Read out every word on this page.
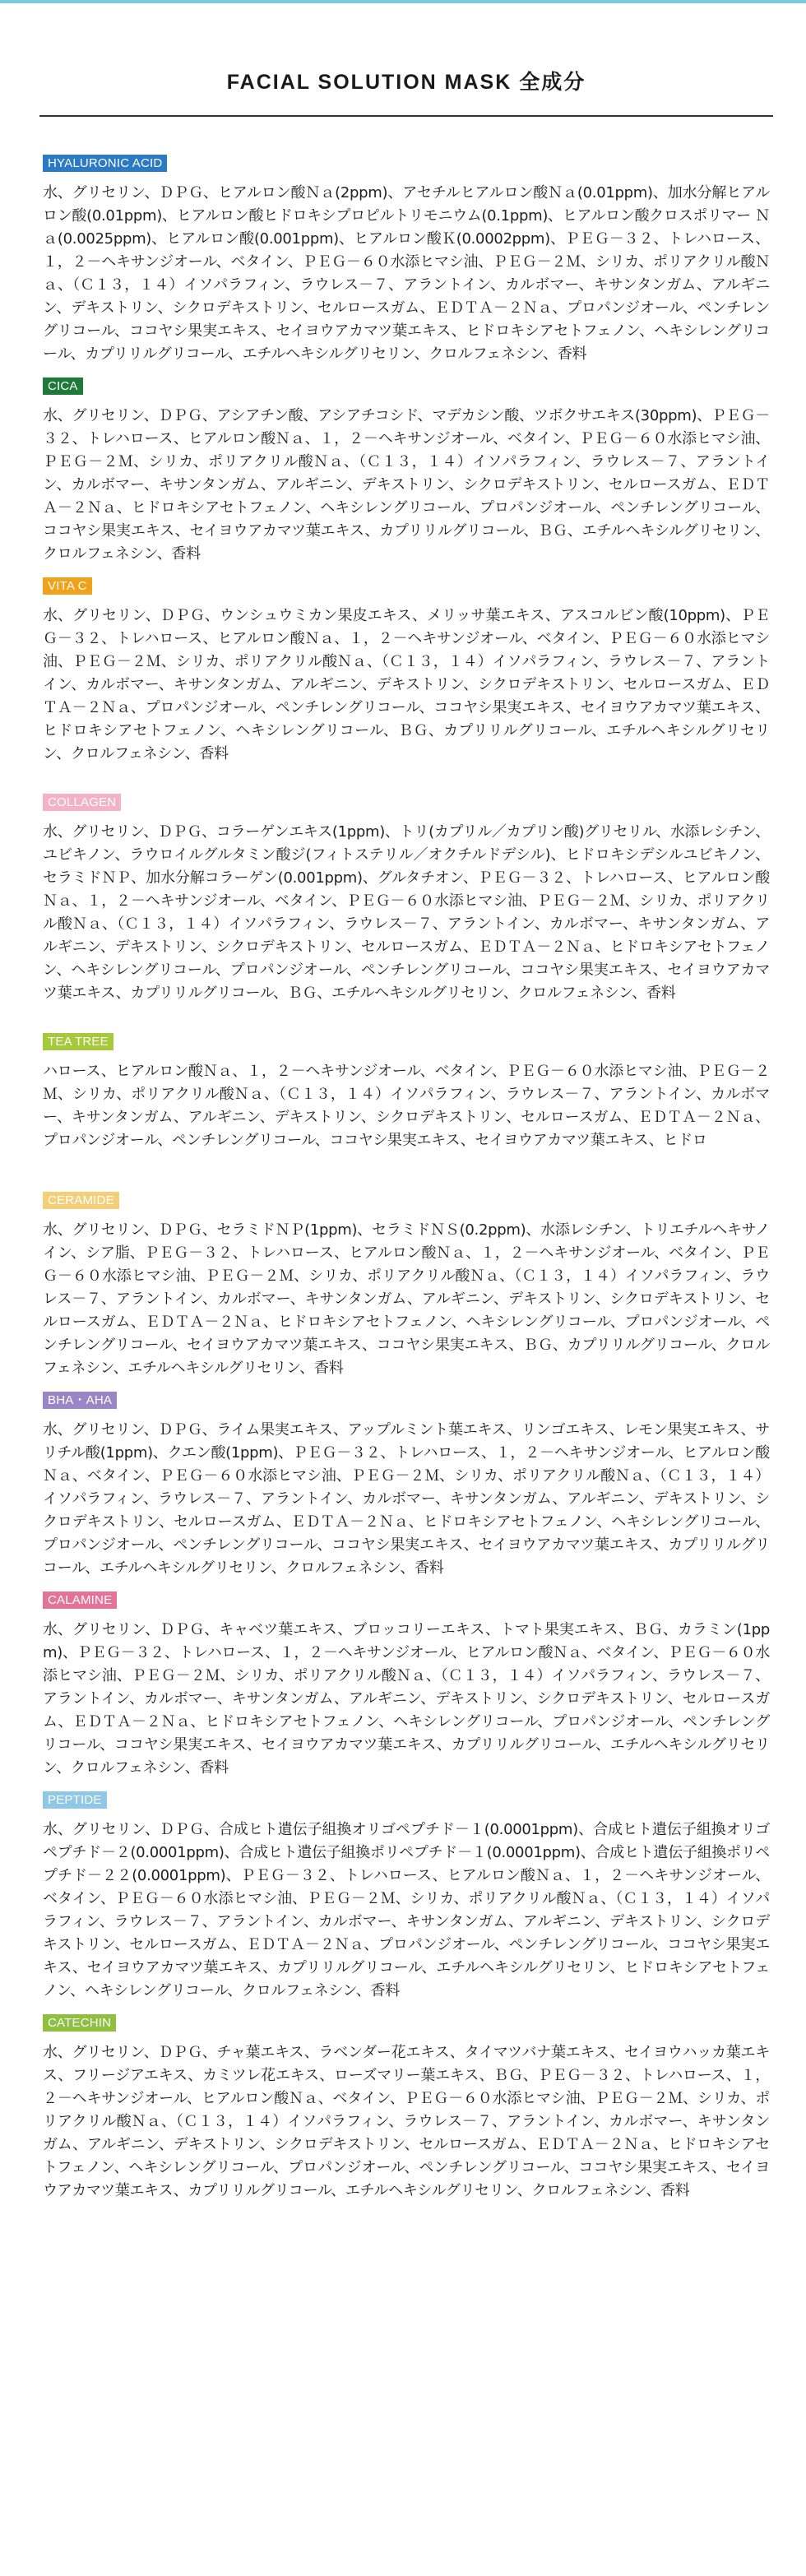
FACIAL SOLUTION MASK 全成分
HYALURONIC ACID

水、グリセリン、ＤＰＧ、ヒアルロン酸Ｎａ(2ppm)、アセチルヒアルロン酸Ｎａ(0.01ppm)、加水分解ヒアルロン酸(0.01ppm)、ヒアルロン酸ヒドロキシプロピルトリモニウム(0.1ppm)、ヒアルロン酸クロスポリマー Ｎａ(0.0025ppm)、ヒアルロン酸(0.001ppm)、ヒアルロン酸Ｋ(0.0002ppm)、ＰＥＧ－３２、トレハロース、１，２－ヘキサンジオール、ベタイン、ＰＥＧ－６０水添ヒマシ油、ＰＥＧ－２Ｍ、シリカ、ポリアクリル酸Ｎａ、（Ｃ１３，１４）イソパラフィン、ラウレス－７、アラントイン、カルボマー、キサンタンガム、アルギニン、デキストリン、シクロデキストリン、セルロースガム、ＥＤＴＡ－２Ｎａ、プロパンジオール、ペンチレングリコール、ココヤシ果実エキス、セイヨウアカマツ葉エキス、ヒドロキシアセトフェノン、ヘキシレングリコール、カプリリルグリコール、エチルヘキシルグリセリン、クロルフェネシン、香料

CICA

水、グリセリン、ＤＰＧ、アシアチン酸、アシアチコシド、マデカシン酸、ツボクサエキス(30ppm)、ＰＥＧ－３２、トレハロース、ヒアルロン酸Ｎａ、１，２－ヘキサンジオール、ベタイン、ＰＥＧ－６０水添ヒマシ油、ＰＥＧ－２Ｍ、シリカ、ポリアクリル酸Ｎａ、（Ｃ１３，１４）イソパラフィン、ラウレス－７、アラントイン、カルボマー、キサンタンガム、アルギニン、デキストリン、シクロデキストリン、セルロースガム、ＥＤＴＡ－２Ｎａ、ヒドロキシアセトフェノン、ヘキシレングリコール、プロパンジオール、ペンチレングリコール、ココヤシ果実エキス、セイヨウアカマツ葉エキス、カプリリルグリコール、ＢＧ、エチルヘキシルグリセリン、クロルフェネシン、香料

VITA C

水、グリセリン、ＤＰＧ、ウンシュウミカン果皮エキス、メリッサ葉エキス、アスコルビン酸(10ppm)、ＰＥＧ－３２、トレハロース、ヒアルロン酸Ｎａ、１，２－ヘキサンジオール、ベタイン、ＰＥＧ－６０水添ヒマシ油、ＰＥＧ－２Ｍ、シリカ、ポリアクリル酸Ｎａ、（Ｃ１３，１４）イソパラフィン、ラウレス－７、アラントイン、カルボマー、キサンタンガム、アルギニン、デキストリン、シクロデキストリン、セルロースガム、ＥＤＴＡ－２Ｎａ、プロパンジオール、ペンチレングリコール、ココヤシ果実エキス、セイヨウアカマツ葉エキス、ヒドロキシアセトフェノン、ヘキシレングリコール、ＢＧ、カプリリルグリコール、エチルヘキシルグリセリン、クロルフェネシン、香料

COLLAGEN

水、グリセリン、ＤＰＧ、コラーゲンエキス(1ppm)、トリ(カプリル／カプリン酸)グリセリル、水添レシチン、ユビキノン、ラウロイルグルタミン酸ジ(フィトステリル／オクチルドデシル)、ヒドロキシデシルユビキノン、セラミドＮＰ、加水分解コラーゲン(0.001ppm)、グルタチオン、ＰＥＧ－３２、トレハロース、ヒアルロン酸Ｎａ、１，２－ヘキサンジオール、ベタイン、ＰＥＧ－６０水添ヒマシ油、ＰＥＧ－２Ｍ、シリカ、ポリアクリル酸Ｎａ、（Ｃ１３，１４）イソパラフィン、ラウレス－７、アラントイン、カルボマー、キサンタンガム、アルギニン、デキストリン、シクロデキストリン、セルロースガム、ＥＤＴＡ－２Ｎａ、ヒドロキシアセトフェノン、ヘキシレングリコール、プロパンジオール、ペンチレングリコール、ココヤシ果実エキス、セイヨウアカマツ葉エキス、カプリリルグリコール、ＢＧ、エチルヘキシルグリセリン、クロルフェネシン、香料

TEA TREE

ハロース、ヒアルロン酸Ｎａ、１，２－ヘキサンジオール、ベタイン、ＰＥＧ－６０水添ヒマシ油、ＰＥＧ－２Ｍ、シリカ、ポリアクリル酸Ｎａ、（Ｃ１３，１４）イソパラフィン、ラウレス－７、アラントイン、カルボマー、キサンタンガム、アルギニン、デキストリン、シクロデキストリン、セルロースガム、ＥＤＴＡ－２Ｎａ、プロパンジオール、ペンチレングリコール、ココヤシ果実エキス、セイヨウアカマツ葉エキス、ヒドロ

CERAMIDE

水、グリセリン、ＤＰＧ、セラミドＮＰ(1ppm)、セラミドＮＳ(0.2ppm)、水添レシチン、トリエチルヘキサノイン、シア脂、ＰＥＧ－３２、トレハロース、ヒアルロン酸Ｎａ、１，２－ヘキサンジオール、ベタイン、ＰＥＧ－６０水添ヒマシ油、ＰＥＧ－２Ｍ、シリカ、ポリアクリル酸Ｎａ、（Ｃ１３，１４）イソパラフィン、ラウレス－７、アラントイン、カルボマー、キサンタンガム、アルギニン、デキストリン、シクロデキストリン、セルロースガム、ＥＤＴＡ－２Ｎａ、ヒドロキシアセトフェノン、ヘキシレングリコール、プロパンジオール、ペンチレングリコール、セイヨウアカマツ葉エキス、ココヤシ果実エキス、ＢＧ、カプリリルグリコール、クロルフェネシン、エチルヘキシルグリセリン、香料

BHA・AHA

水、グリセリン、ＤＰＧ、ライム果実エキス、アップルミント葉エキス、リンゴエキス、レモン果実エキス、サリチル酸(1ppm)、クエン酸(1ppm)、ＰＥＧ－３２、トレハロース、１，２－ヘキサンジオール、ヒアルロン酸Ｎａ、ベタイン、ＰＥＧ－６０水添ヒマシ油、ＰＥＧ－２Ｍ、シリカ、ポリアクリル酸Ｎａ、（Ｃ１３，１４）イソパラフィン、ラウレス－７、アラントイン、カルボマー、キサンタンガム、アルギニン、デキストリン、シクロデキストリン、セルロースガム、ＥＤＴＡ－２Ｎａ、ヒドロキシアセトフェノン、ヘキシレングリコール、プロパンジオール、ペンチレングリコール、ココヤシ果実エキス、セイヨウアカマツ葉エキス、カプリリルグリコール、エチルヘキシルグリセリン、クロルフェネシン、香料

CALAMINE

水、グリセリン、ＤＰＧ、キャベツ葉エキス、ブロッコリーエキス、トマト果実エキス、ＢＧ、カラミン(1ppm)、ＰＥＧ－３２、トレハロース、１，２－ヘキサンジオール、ヒアルロン酸Ｎａ、ベタイン、ＰＥＧ－６０水添ヒマシ油、ＰＥＧ－２Ｍ、シリカ、ポリアクリル酸Ｎａ、（Ｃ１３，１４）イソパラフィン、ラウレス－７、アラントイン、カルボマー、キサンタンガム、アルギニン、デキストリン、シクロデキストリン、セルロースガム、ＥＤＴＡ－２Ｎａ、ヒドロキシアセトフェノン、ヘキシレングリコール、プロパンジオール、ペンチレングリコール、ココヤシ果実エキス、セイヨウアカマツ葉エキス、カプリリルグリコール、エチルヘキシルグリセリン、クロルフェネシン、香料

PEPTIDE

水、グリセリン、ＤＰＧ、合成ヒト遺伝子組換オリゴペプチド－１(0.0001ppm)、合成ヒト遺伝子組換オリゴペプチド－２(0.0001ppm)、合成ヒト遺伝子組換ポリペプチド－１(0.0001ppm)、合成ヒト遺伝子組換ポリペプチド－２２(0.0001ppm)、ＰＥＧ－３２、トレハロース、ヒアルロン酸Ｎａ、１，２－ヘキサンジオール、ベタイン、ＰＥＧ－６０水添ヒマシ油、ＰＥＧ－２Ｍ、シリカ、ポリアクリル酸Ｎａ、（Ｃ１３，１４）イソパラフィン、ラウレス－７、アラントイン、カルボマー、キサンタンガム、アルギニン、デキストリン、シクロデキストリン、セルロースガム、ＥＤＴＡ－２Ｎａ、プロパンジオール、ペンチレングリコール、ココヤシ果実エキス、セイヨウアカマツ葉エキス、カプリリルグリコール、エチルヘキシルグリセリン、ヒドロキシアセトフェノン、ヘキシレングリコール、クロルフェネシン、香料

CATECHIN

水、グリセリン、ＤＰＧ、チャ葉エキス、ラベンダー花エキス、タイマツバナ葉エキス、セイヨウハッカ葉エキス、フリージアエキス、カミツレ花エキス、ローズマリー葉エキス、ＢＧ、ＰＥＧ－３２、トレハロース、１，２－ヘキサンジオール、ヒアルロン酸Ｎａ、ベタイン、ＰＥＧ－６０水添ヒマシ油、ＰＥＧ－２Ｍ、シリカ、ポリアクリル酸Ｎａ、（Ｃ１３，１４）イソパラフィン、ラウレス－７、アラントイン、カルボマー、キサンタンガム、アルギニン、デキストリン、シクロデキストリン、セルロースガム、ＥＤＴＡ－２Ｎａ、ヒドロキシアセトフェノン、ヘキシレングリコール、プロパンジオール、ペンチレングリコール、ココヤシ果実エキス、セイヨウアカマツ葉エキス、カプリリルグリコール、エチルヘキシルグリセリン、クロルフェネシン、香料
